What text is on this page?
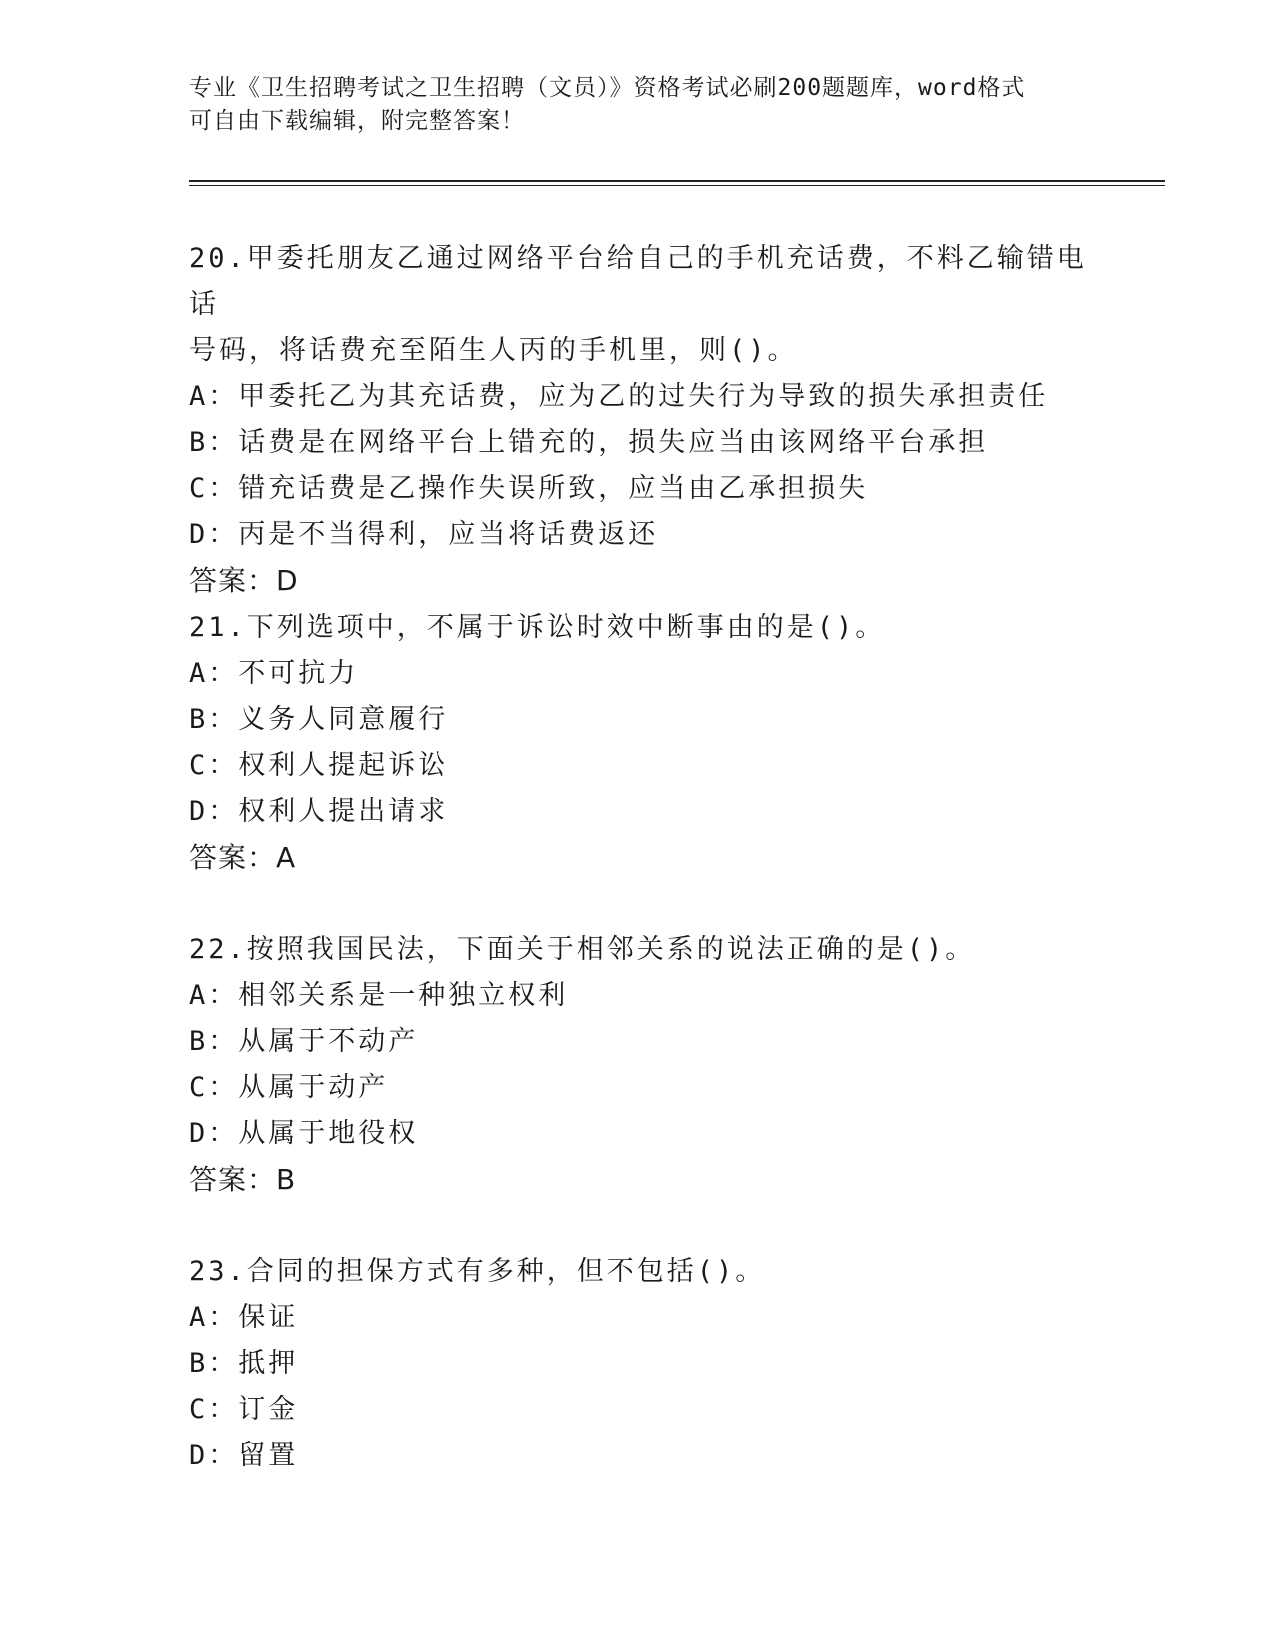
专业《卫生招聘考试之卫生招聘（文员）》资格考试必刷200题题库，word格式
可自由下载编辑，附完整答案！
20.甲委托朋友乙通过网络平台给自己的手机充话费，不料乙输错电话
号码，将话费充至陌生人丙的手机里，则()。
A：甲委托乙为其充话费，应为乙的过失行为导致的损失承担责任
B：话费是在网络平台上错充的，损失应当由该网络平台承担
C：错充话费是乙操作失误所致，应当由乙承担损失
D：丙是不当得利，应当将话费返还
答案：D
21.下列选项中，不属于诉讼时效中断事由的是()。
A：不可抗力
B：义务人同意履行
C：权利人提起诉讼
D：权利人提出请求
答案：A
22.按照我国民法，下面关于相邻关系的说法正确的是()。
A：相邻关系是一种独立权利
B：从属于不动产
C：从属于动产
D：从属于地役权
答案：B
23.合同的担保方式有多种，但不包括()。
A：保证
B：抵押
C：订金
D：留置
